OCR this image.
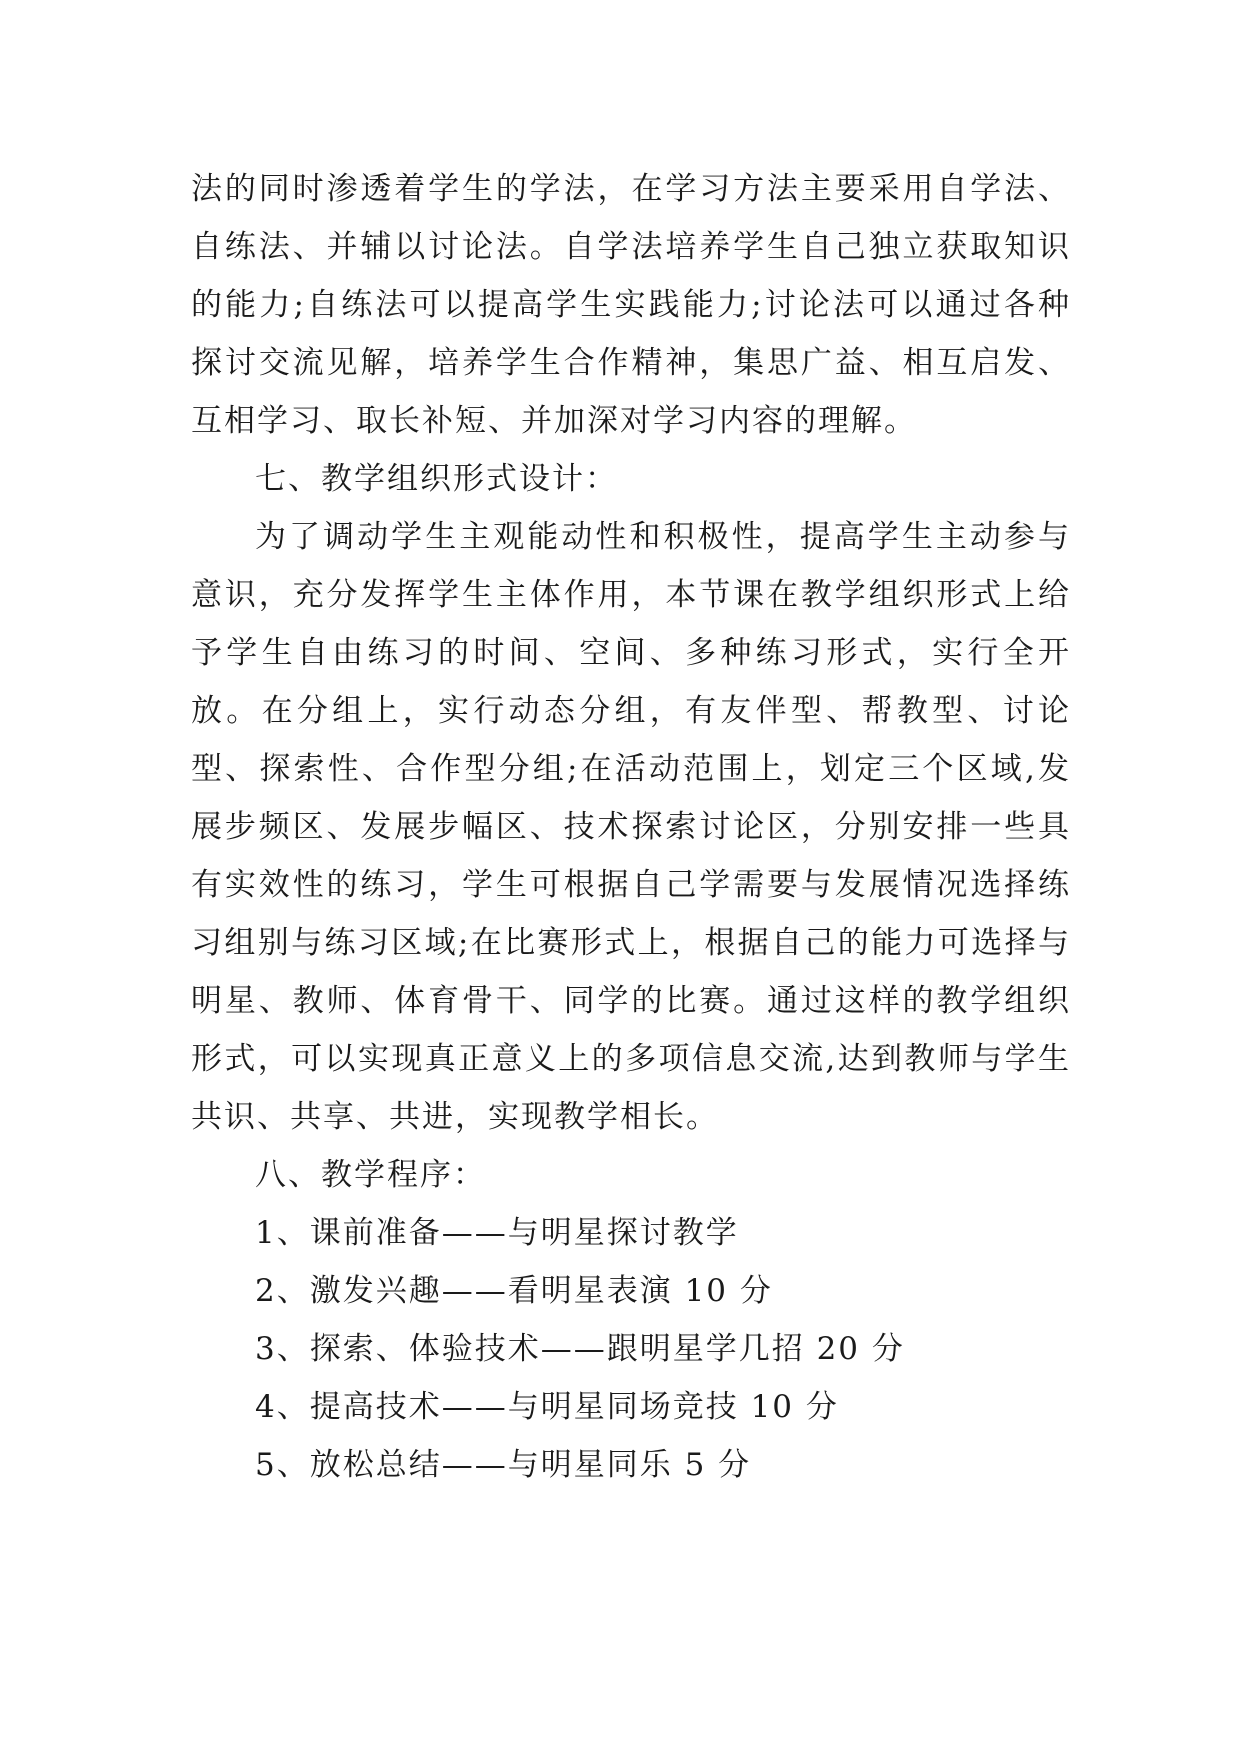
法的同时渗透着学生的学法，在学习方法主要采用自学法、自练法、并辅以讨论法。自学法培养学生自己独立获取知识的能力;自练法可以提高学生实践能力;讨论法可以通过各种探讨交流见解，培养学生合作精神，集思广益、相互启发、互相学习、取长补短、并加深对学习内容的理解。

七、教学组织形式设计：

为了调动学生主观能动性和积极性，提高学生主动参与意识，充分发挥学生主体作用，本节课在教学组织形式上给予学生自由练习的时间、空间、多种练习形式，实行全开放。在分组上，实行动态分组，有友伴型、帮教型、讨论型、探索性、合作型分组;在活动范围上，划定三个区域,发展步频区、发展步幅区、技术探索讨论区，分别安排一些具有实效性的练习，学生可根据自己学需要与发展情况选择练习组别与练习区域;在比赛形式上，根据自己的能力可选择与明星、教师、体育骨干、同学的比赛。通过这样的教学组织形式，可以实现真正意义上的多项信息交流,达到教师与学生共识、共享、共进，实现教学相长。

八、教学程序：
1、课前准备——与明星探讨教学
2、激发兴趣——看明星表演 10 分
3、探索、体验技术——跟明星学几招 20 分
4、提高技术——与明星同场竞技 10 分
5、放松总结——与明星同乐 5 分
